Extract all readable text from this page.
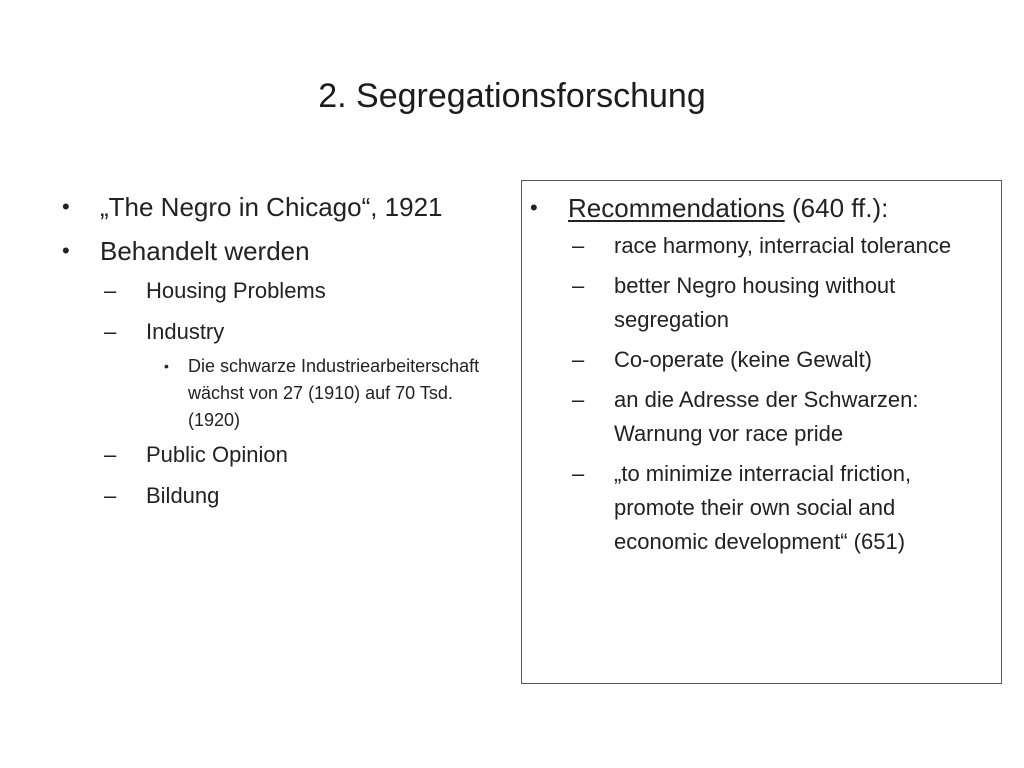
2. Segregationsforschung
• „The Negro in Chicago“, 1921
• Behandelt werden
– Housing Problems
– Industry
• Die schwarze Industriearbeiterschaft wächst von 27 (1910) auf 70 Tsd. (1920)
– Public Opinion
– Bildung
• Recommendations (640 ff.):
– race harmony, interracial tolerance
– better Negro housing without segregation
– Co-operate (keine Gewalt)
– an die Adresse der Schwarzen: Warnung vor race pride
– „to minimize interracial friction, promote their own social and economic development“ (651)
